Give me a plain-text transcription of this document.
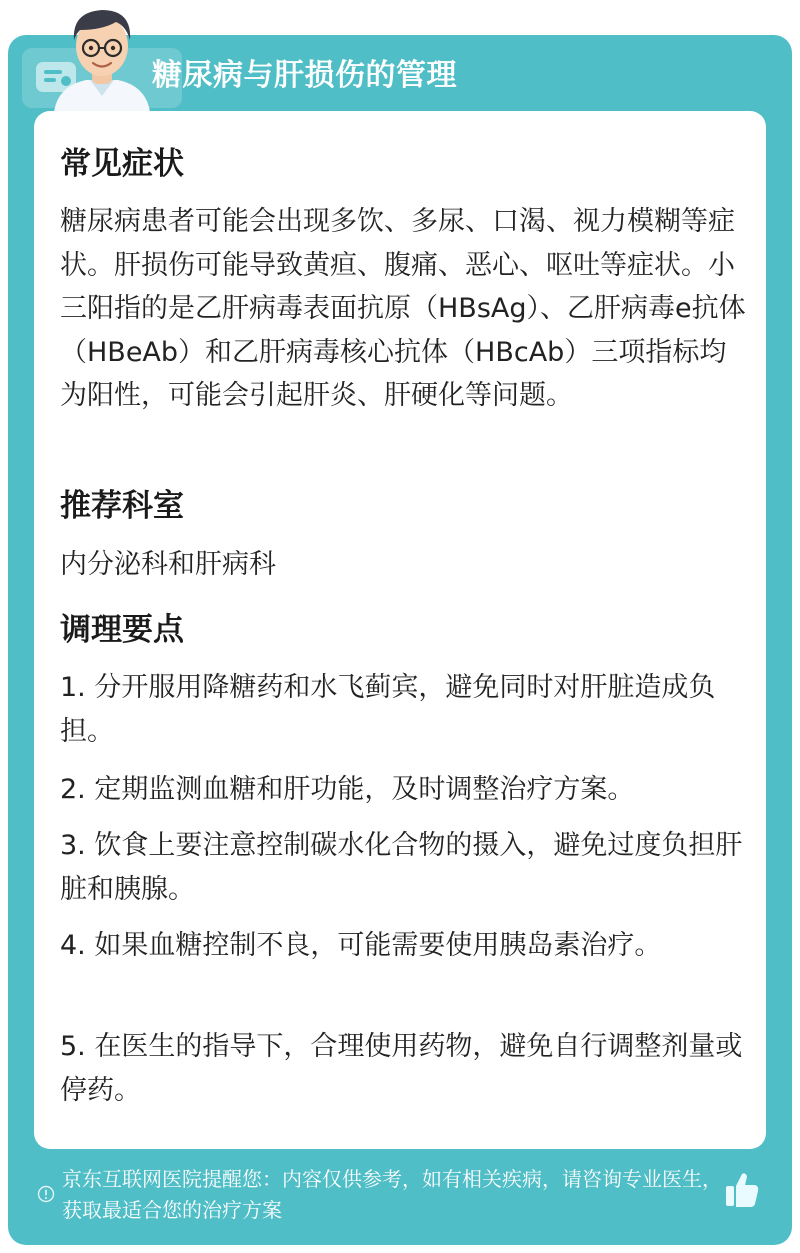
糖尿病与肝损伤的管理
常见症状
糖尿病患者可能会出现多饮、多尿、口渴、视力模糊等症状。肝损伤可能导致黄疸、腹痛、恶心、呕吐等症状。小三阳指的是乙肝病毒表面抗原（HBsAg）、乙肝病毒e抗体（HBeAb）和乙肝病毒核心抗体（HBcAb）三项指标均为阳性，可能会引起肝炎、肝硬化等问题。
推荐科室
内分泌科和肝病科
调理要点
1. 分开服用降糖药和水飞蓟宾，避免同时对肝脏造成负担。
2. 定期监测血糖和肝功能，及时调整治疗方案。
3. 饮食上要注意控制碳水化合物的摄入，避免过度负担肝脏和胰腺。
4. 如果血糖控制不良，可能需要使用胰岛素治疗。
5. 在医生的指导下，合理使用药物，避免自行调整剂量或停药。
京东互联网医院提醒您：内容仅供参考，如有相关疾病，请咨询专业医生，获取最适合您的治疗方案
